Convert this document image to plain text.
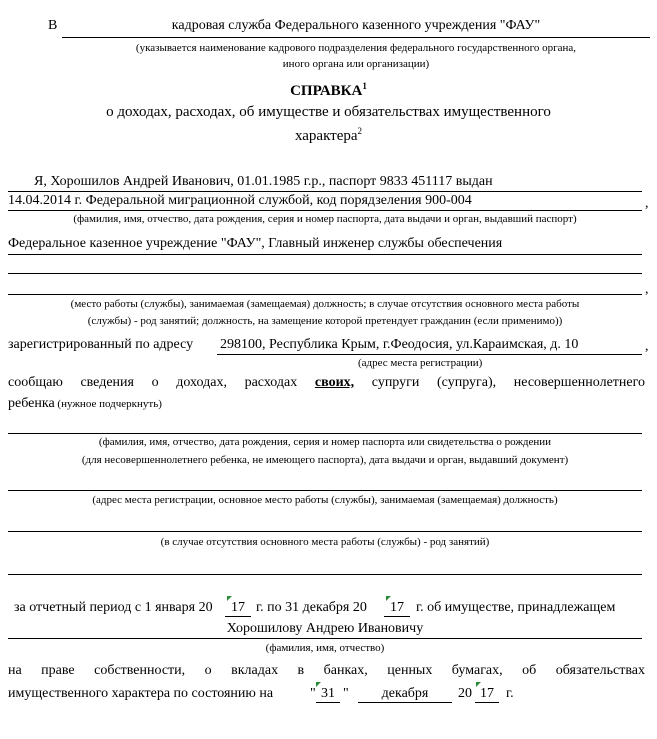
В	кадровая служба Федерального казенного учреждения "ФАУ"
(указывается наименование кадрового подразделения федерального государственного органа,
иного органа или организации)
СПРАВКА$^1$
о доходах, расходах, об имуществе и обязательствах имущественного
характера$^2$
Я, Хорошилов Андрей Иванович, 01.01.1985 г.р., паспорт 9833 451117 выдан
14.04.2014 г. Федеральной миграционной службой, код порядзеления 900-004	,
(фамилия, имя, отчество, дата рождения, серия и номер паспорта, дата выдачи и орган, выдавший паспорт)
Федеральное казенное учреждение "ФАУ", Главный инженер службы обеспечения
,
(место работы (службы), занимаемая (замещаемая) должность; в случае отсутствия основного места работы
(службы) - род занятий; должность, на замещение которой претендует гражданин (если применимо))
зарегистрированный по адресу 298100, Республика Крым, г.Феодосия, ул.Караимская, д. 10	,
(адрес места регистрации)
сообщаю сведения о доходах, расходах своих, супруги (супруга), несовершеннолетнего
ребенка (нужное подчеркнуть)
(фамилия, имя, отчество, дата рождения, серия и номер паспорта или свидетельства о рождении
(для несовершеннолетнего ребенка, не имеющего паспорта), дата выдачи и орган, выдавший документ)
(адрес места регистрации, основное место работы (службы), занимаемая (замещаемая) должность)
(в случае отсутствия основного места работы (службы) - род занятий)
за отчетный период с 1 января 20	17 г. по 31 декабря 20	17 г. об имуществе, принадлежащем
Хорошилову Андрею Ивановичу
(фамилия, имя, отчество)
на праве собственности, о вкладах в банках, ценных бумагах, об обязательствах
имущественного характера по состоянию на	" 31 "	декабря	20 17 г.
